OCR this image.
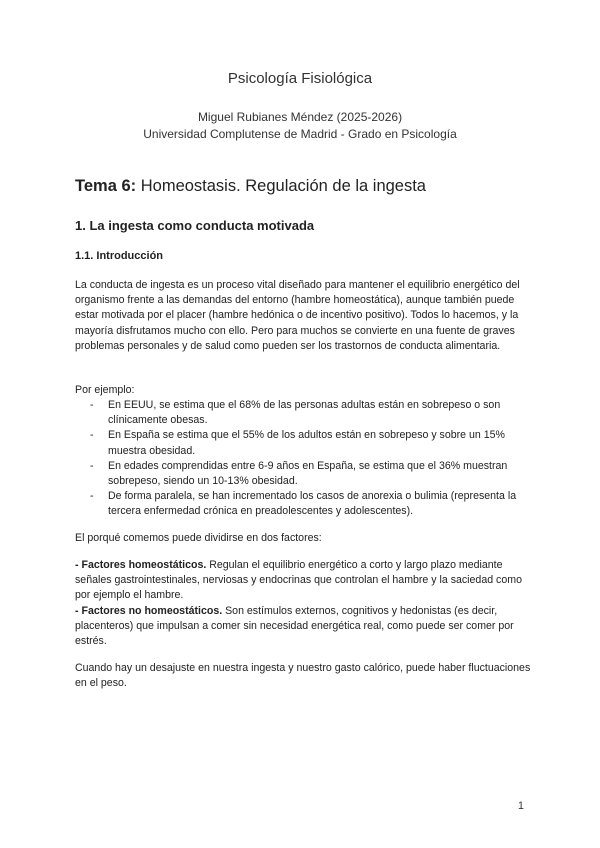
Psicología Fisiológica
Miguel Rubianes Méndez (2025-2026)
Universidad Complutense de Madrid - Grado en Psicología
Tema 6: Homeostasis. Regulación de la ingesta
1. La ingesta como conducta motivada
1.1. Introducción
La conducta de ingesta es un proceso vital diseñado para mantener el equilibrio energético del organismo frente a las demandas del entorno (hambre homeostática), aunque también puede estar motivada por el placer (hambre hedónica o de incentivo positivo). Todos lo hacemos, y la mayoría disfrutamos mucho con ello. Pero para muchos se convierte en una fuente de graves problemas personales y de salud como pueden ser los trastornos de conducta alimentaria.
Por ejemplo:
- En EEUU, se estima que el 68% de las personas adultas están en sobrepeso o son clínicamente obesas.
- En España se estima que el 55% de los adultos están en sobrepeso y sobre un 15% muestra obesidad.
- En edades comprendidas entre 6-9 años en España, se estima que el 36% muestran sobrepeso, siendo un 10-13% obesidad.
- De forma paralela, se han incrementado los casos de anorexia o bulimia (representa la tercera enfermedad crónica en preadolescentes y adolescentes).
El porqué comemos puede dividirse en dos factores:
- Factores homeostáticos. Regulan el equilibrio energético a corto y largo plazo mediante señales gastrointestinales, nerviosas y endocrinas que controlan el hambre y la saciedad como por ejemplo el hambre.
- Factores no homeostáticos. Son estímulos externos, cognitivos y hedonistas (es decir, placenteros) que impulsan a comer sin necesidad energética real, como puede ser comer por estrés.
Cuando hay un desajuste en nuestra ingesta y nuestro gasto calórico, puede haber fluctuaciones en el peso.
1
